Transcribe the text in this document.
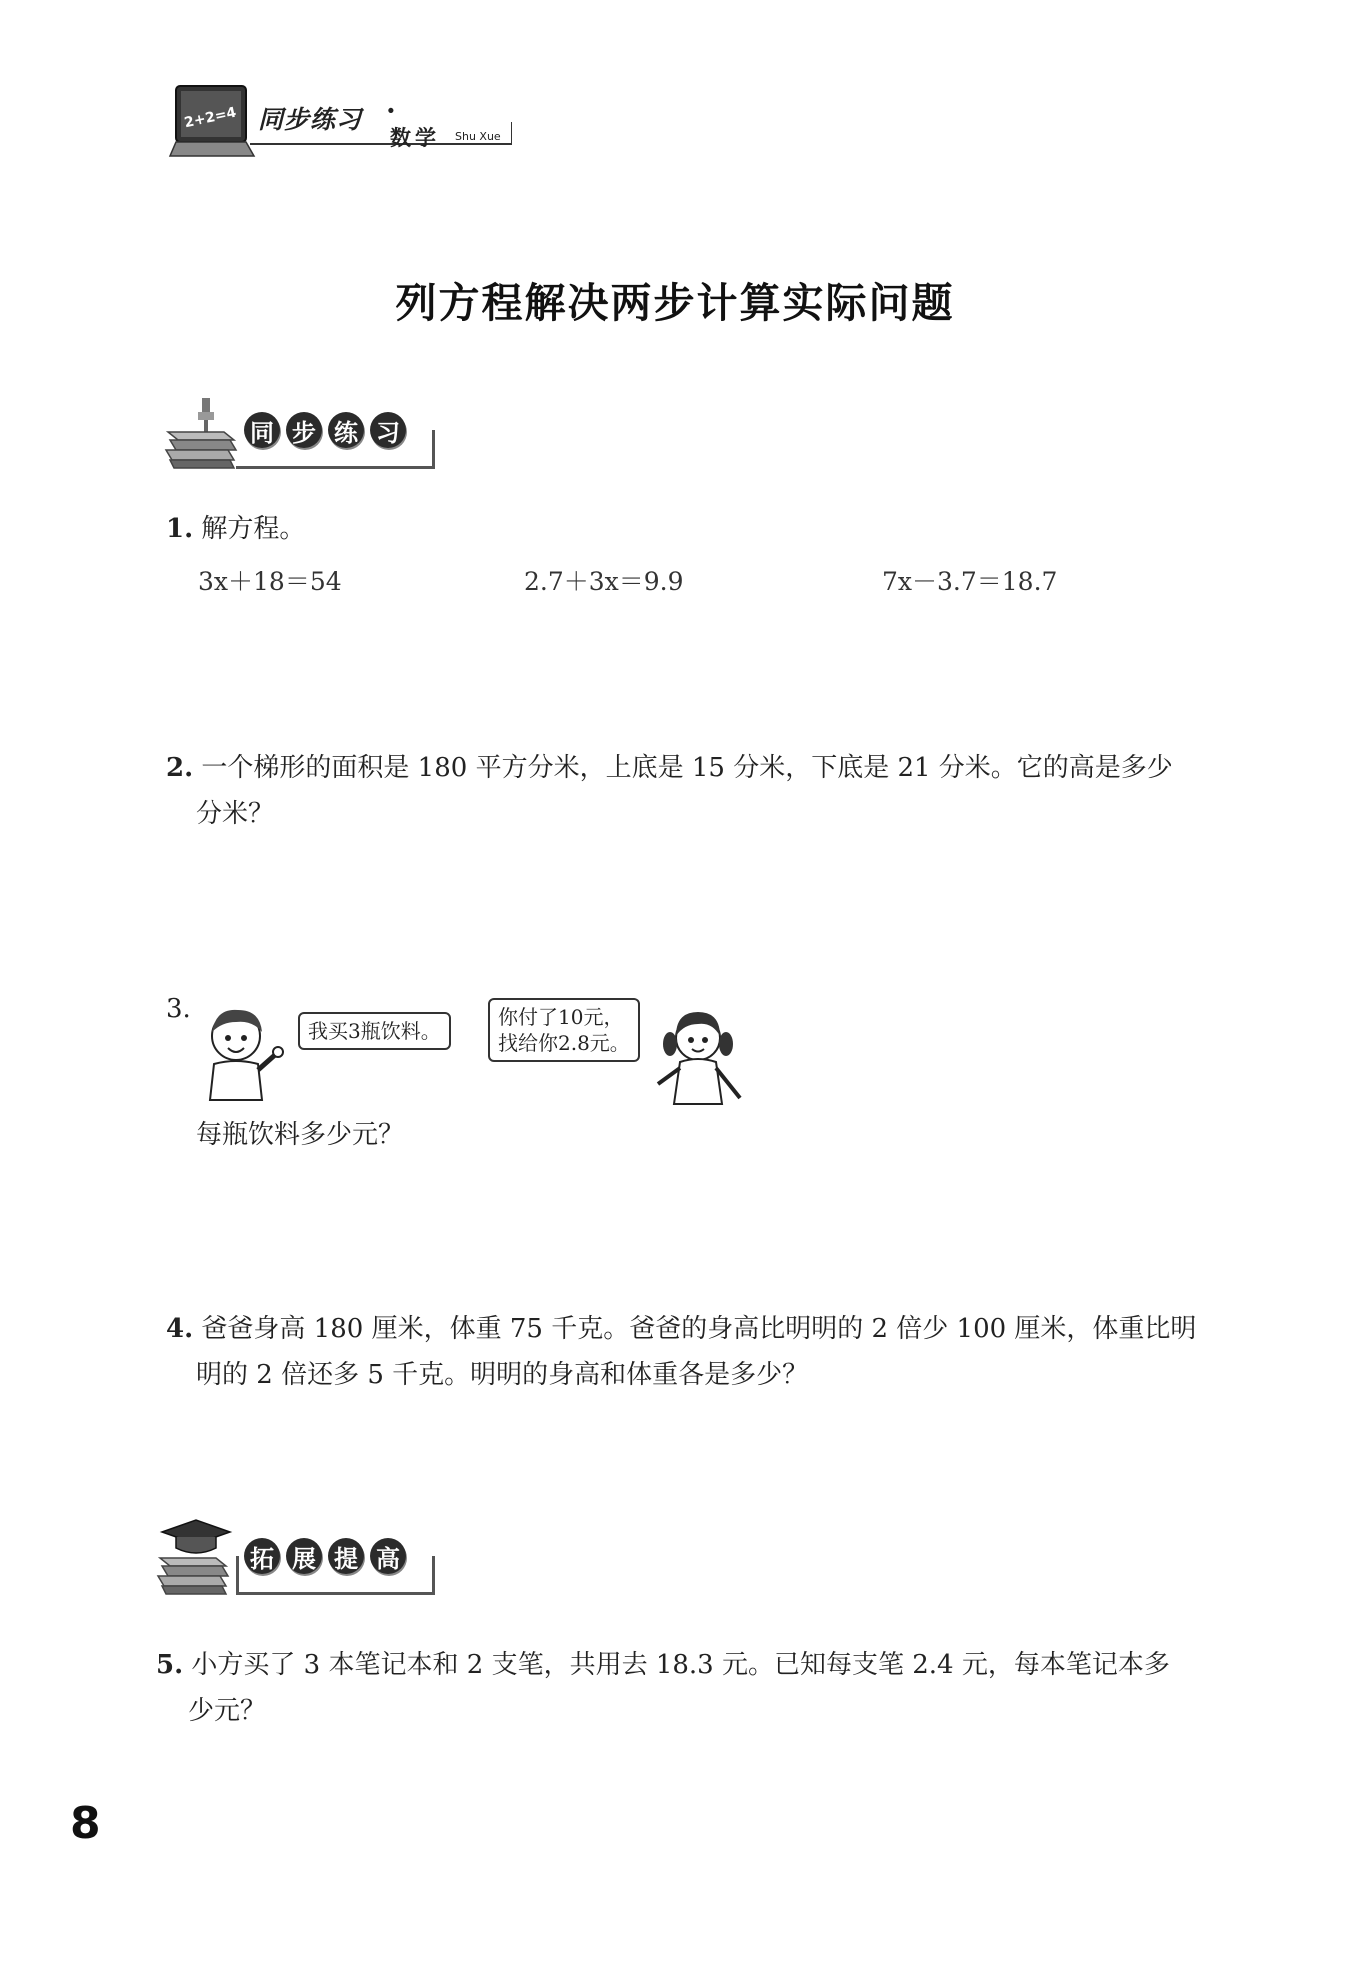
2+2=4 同步练习 ·
数学 Shu Xue
列方程解决两步计算实际问题
同 步 练 习
1. 解方程。
3x＋18＝54	2.7＋3x＝9.9	7x－3.7＝18.7
2. 一个梯形的面积是 180 平方分米，上底是 15 分米，下底是 21 分米。它的高是多少
分米？
3.
我买3瓶饮料。
你付了10元，
找给你2.8元。
每瓶饮料多少元？
4. 爸爸身高 180 厘米，体重 75 千克。爸爸的身高比明明的 2 倍少 100 厘米，体重比明
明的 2 倍还多 5 千克。明明的身高和体重各是多少？
拓 展 提 高
5. 小方买了 3 本笔记本和 2 支笔，共用去 18.3 元。已知每支笔 2.4 元，每本笔记本多
少元？
8
